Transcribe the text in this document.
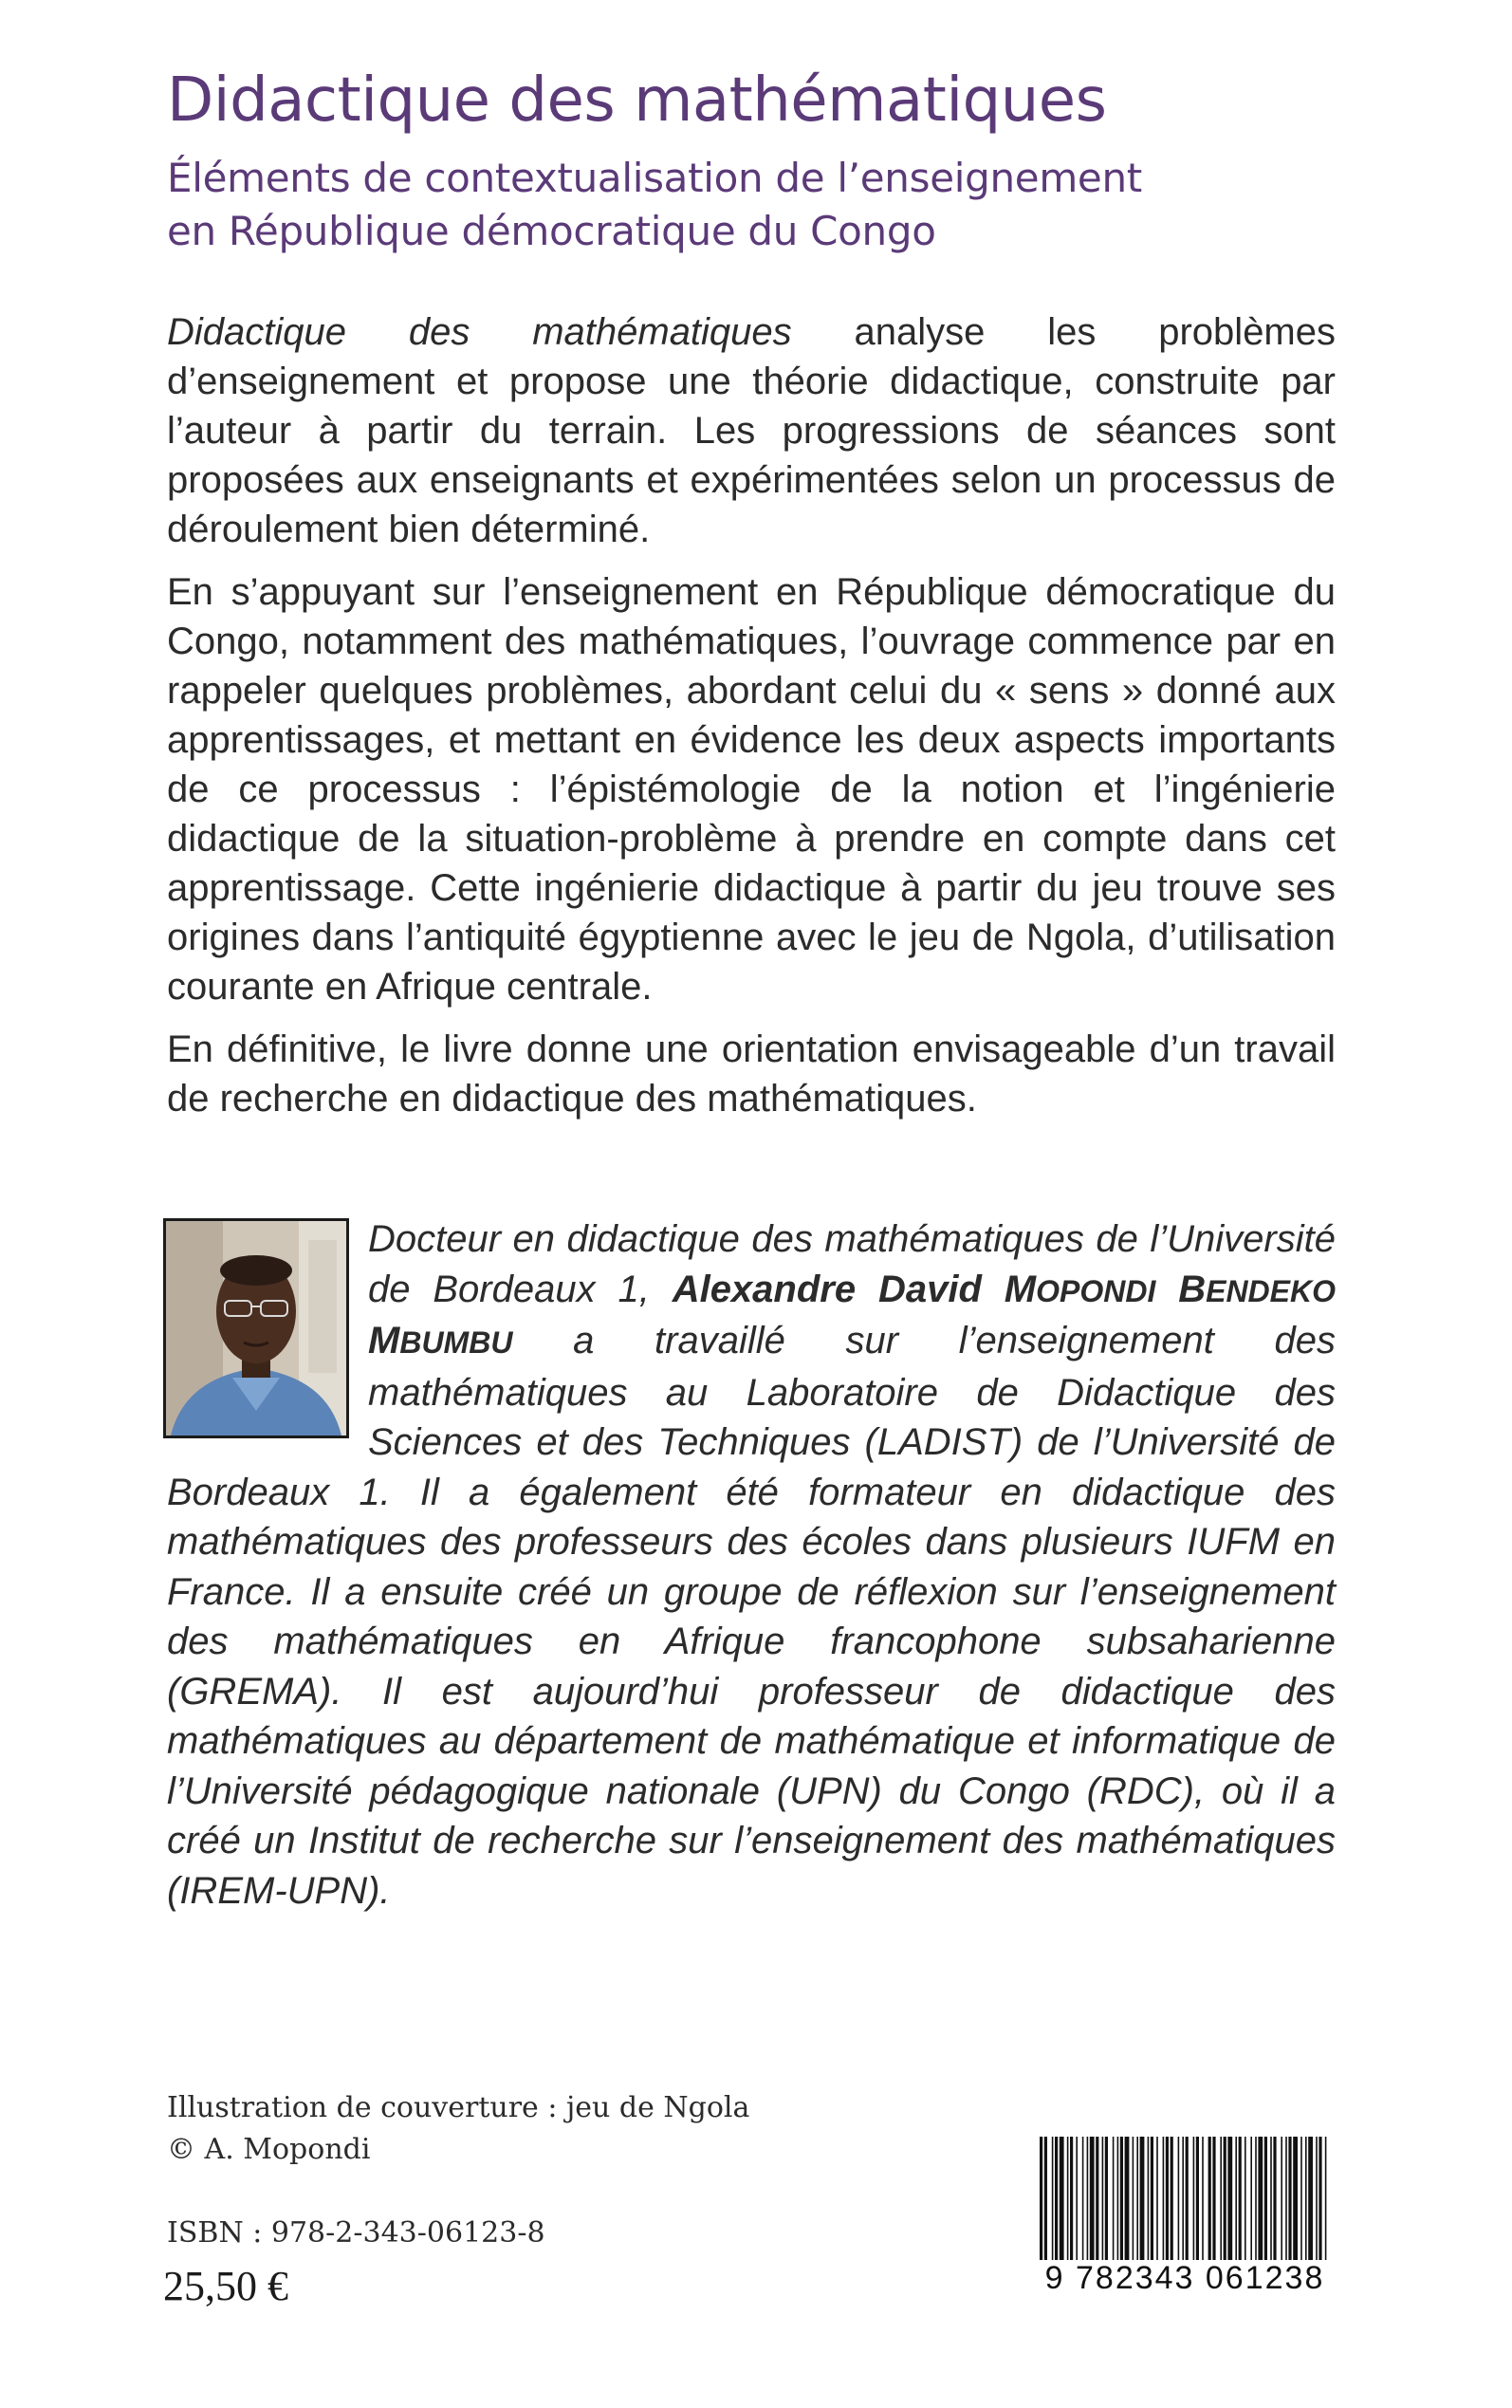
Didactique des mathématiques
Éléments de contextualisation de l’enseignement
en République démocratique du Congo

Didactique des mathématiques analyse les problèmes d’enseignement et propose une théorie didactique, construite par l’auteur à partir du terrain. Les progressions de séances sont proposées aux enseignants et expérimentées selon un processus de déroulement bien déterminé.

En s’appuyant sur l’enseignement en République démocratique du Congo, notamment des mathématiques, l’ouvrage commence par en rappeler quelques problèmes, abordant celui du « sens » donné aux apprentissages, et mettant en évidence les deux aspects importants de ce processus : l’épistémologie de la notion et l’ingénierie didactique de la situation-problème à prendre en compte dans cet apprentissage. Cette ingénierie didactique à partir du jeu trouve ses origines dans l’antiquité égyptienne avec le jeu de Ngola, d’utilisation courante en Afrique centrale.

En définitive, le livre donne une orientation envisageable d’un travail de recherche en didactique des mathématiques.

Docteur en didactique des mathématiques de l’Université de Bordeaux 1, Alexandre David MOPONDI BENDEKO MBUMBU a travaillé sur l’enseignement des mathématiques au Laboratoire de Didactique des Sciences et des Techniques (LADIST) de l’Université de Bordeaux 1. Il a également été formateur en didactique des mathématiques des professeurs des écoles dans plusieurs IUFM en France. Il a ensuite créé un groupe de réflexion sur l’enseignement des mathématiques en Afrique francophone subsaharienne (GREMA). Il est aujourd’hui professeur de didactique des mathématiques au département de mathématique et informatique de l’Université pédagogique nationale (UPN) du Congo (RDC), où il a créé un Institut de recherche sur l’enseignement des mathématiques (IREM-UPN).
Illustration de couverture : jeu de Ngola
© A. Mopondi
ISBN : 978-2-343-06123-8
25,50 €	9 782343 061238
